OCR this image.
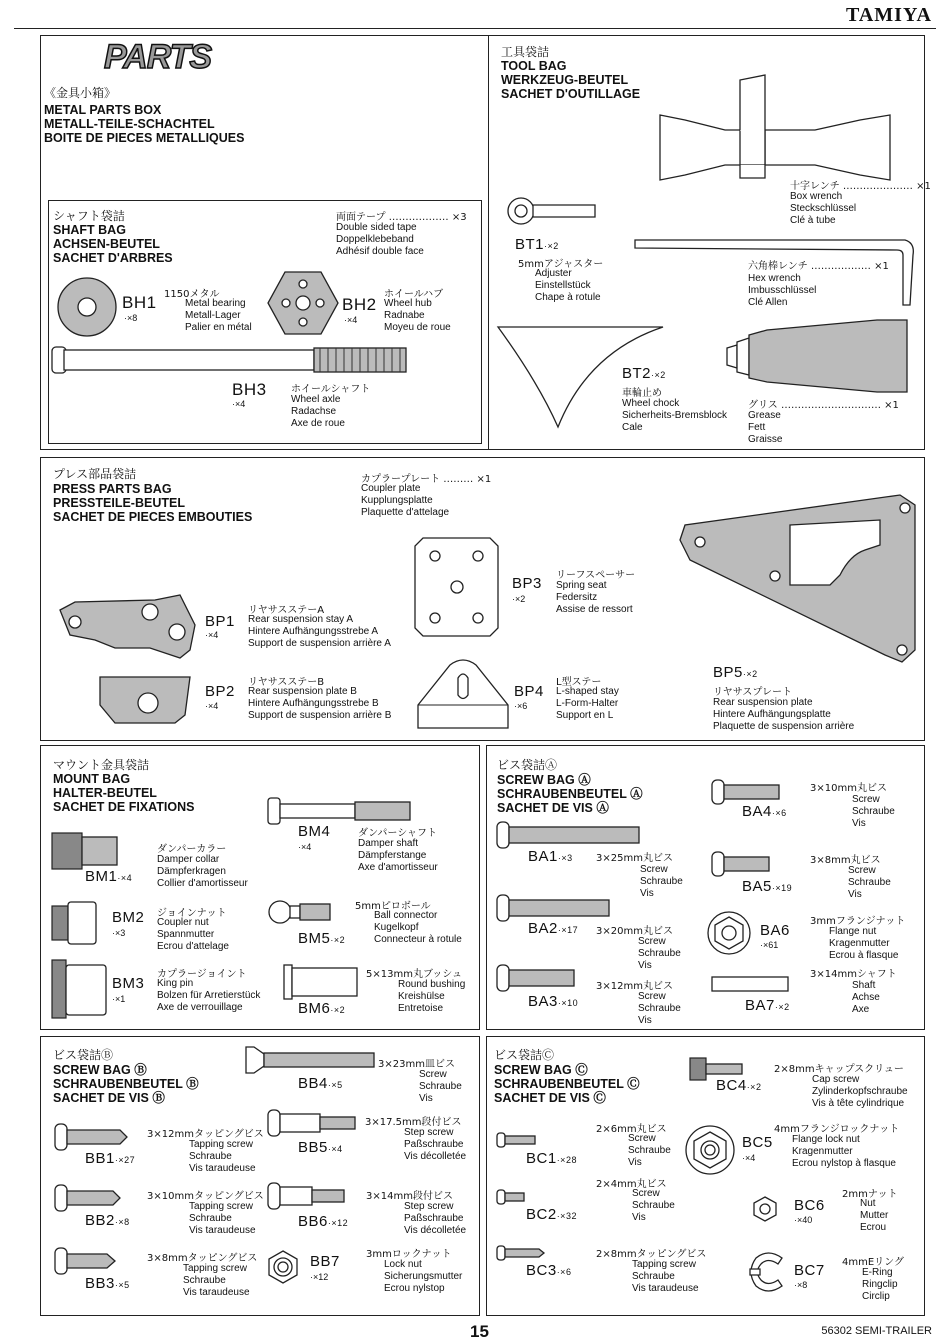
TAMIYA
15	56302 SEMI-TRAILER
PARTS
《金具小箱》
METAL PARTS BOX
METALL-TEILE-SCHACHTEL
BOITE DE PIECES METALLIQUES
工具袋詰
TOOL BAG
WERKZEUG-BEUTEL
SACHET D'OUTILLAGE
十字レンチ ………………… ×1
Box wrench
Steckschlüssel
Clé à tube
BT1·×2
5mmアジャスター
Adjuster
Einstellstück
Chape à rotule
六角棒レンチ ……………… ×1
Hex wrench
Imbusschlüssel
Clé Allen
BT2·×2
車輪止め
Wheel chock
Sicherheits-Bremsblock
Cale
グリス ………………………… ×1
Grease
Fett
Graisse
シャフト袋詰
SHAFT BAG
ACHSEN-BEUTEL
SACHET D'ARBRES
両面テープ ……………… ×3
Double sided tape
Doppelklebeband
Adhésif double face
BH1
·×8
1150メタル
Metal bearing
Metall-Lager
Palier en métal
BH2
·×4
ホイールハブ
Wheel hub
Radnabe
Moyeu de roue
BH3
·×4
ホイールシャフト
Wheel axle
Radachse
Axe de roue
プレス部品袋詰
PRESS PARTS BAG
PRESSTEILE-BEUTEL
SACHET DE PIECES EMBOUTIES
カプラープレート ……… ×1
Coupler plate
Kupplungsplatte
Plaquette d'attelage
BP5·×2
リヤサスプレート
Rear suspension plate
Hintere Aufhängungsplatte
Plaquette de suspension arrière
BP3
·×2
リーフスペーサー
Spring seat
Federsitz
Assise de ressort
BP1
·×4
リヤサスステーA
Rear suspension stay A
Hintere Aufhängungsstrebe A
Support de suspension arrière A
BP2
·×4
リヤサスステーB
Rear suspension plate B
Hintere Aufhängungsstrebe B
Support de suspension arrière B
BP4
·×6
L型ステー
L-shaped stay
L-Form-Halter
Support en L
マウント金具袋詰
MOUNT BAG
HALTER-BEUTEL
SACHET DE FIXATIONS
BM4
·×4
ダンパーシャフト
Damper shaft
Dämpferstange
Axe d'amortisseur
BM1·×4
ダンパーカラー
Damper collar
Dämpferkragen
Collier d'amortisseur
BM2
·×3
ジョインナット
Coupler nut
Spannmutter
Ecrou d'attelage	BM5·×2
5mmピロボール
Ball connector
Kugelkopf
Connecteur à rotule
BM3
·×1
カプラージョイント
King pin
Bolzen für Arretierstück
Axe de verrouillage	BM6·×2
5×13mm丸ブッシュ
Round bushing
Kreishülse
Entretoise
ビス袋詰Ⓐ
SCREW BAG Ⓐ
SCHRAUBENBEUTEL Ⓐ
SACHET DE VIS Ⓐ
BA1·×3 3×25mm丸ビス
Screw
Schraube
Vis
BA2·×17 3×20mm丸ビス
Screw
Schraube
Vis
BA3·×10
3×12mm丸ビス
Screw
Schraube
Vis
BA4·×6
3×10mm丸ビス
Screw
Schraube
Vis
BA5·×19
3×8mm丸ビス
Screw
Schraube
Vis
BA6
·×61
3mmフランジナット
Flange nut
Kragenmutter
Ecrou à flasque
BA7·×2
3×14mmシャフト
Shaft
Achse
Axe
ビス袋詰Ⓑ
SCREW BAG Ⓑ
SCHRAUBENBEUTEL Ⓑ
SACHET DE VIS Ⓑ
BB4·×5
3×23mm皿ビス
Screw
Schraube
Vis
BB1·×27
3×12mmタッピングビス
Tapping screw
Schraube
Vis taraudeuse
BB5·×4
3×17.5mm段付ビス
Step screw
Paßschraube
Vis décolletée
BB2·×8
3×10mmタッピングビス
Tapping screw
Schraube
Vis taraudeuse
BB6·×12
3×14mm段付ビス
Step screw
Paßschraube
Vis décolletée
BB3·×5
3×8mmタッピングビス
Tapping screw
Schraube
Vis taraudeuse
BB7
·×12
3mmロックナット
Lock nut
Sicherungsmutter
Ecrou nylstop
ビス袋詰Ⓒ
SCREW BAG Ⓒ
SCHRAUBENBEUTEL Ⓒ
SACHET DE VIS Ⓒ
BC4·×2
2×8mmキャップスクリュー
Cap screw
Zylinderkopfschraube
Vis à tête cylindrique
BC1·×28
2×6mm丸ビス
Screw
Schraube
Vis
BC5
·×4
4mmフランジロックナット
Flange lock nut
Kragenmutter
Ecrou nylstop à flasque
BC2·×32
2×4mm丸ビス
Screw
Schraube
Vis
BC6
·×40
2mmナット
Nut
Mutter
Ecrou
BC3·×6
2×8mmタッピングビス
Tapping screw
Schraube
Vis taraudeuse
BC7
·×8
4mmEリング
E-Ring
Ringclip
Circlip
